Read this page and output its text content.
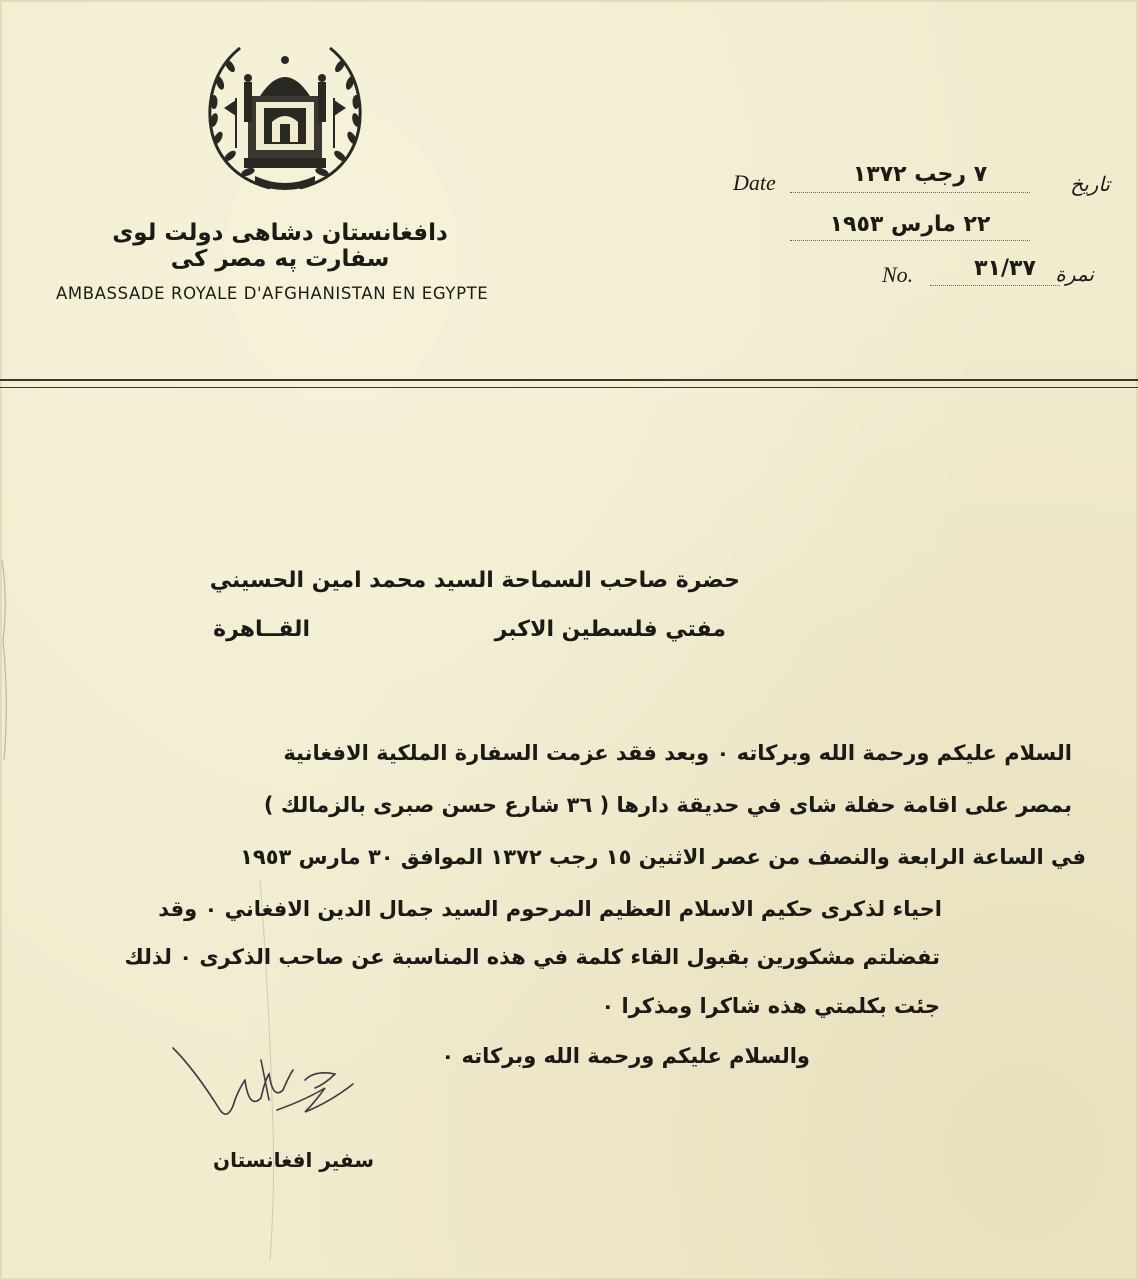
دافغانستان دشاهی دولت لوی سفارت په مصر کی
AMBASSADE ROYALE D'AFGHANISTAN EN EGYPTE
Date	٧ رجب ١٣٧٢	تاريخ
٢٢ مارس ١٩٥٣
No.	٣١/٣٧ نمرة
حضرة صاحب السماحة السيد محمد امين الحسيني
مفتي فلسطين الاكبر
القــاهرة
السلام عليكم ورحمة الله وبركاته ٠ وبعد فقد عزمت السفارة الملكية الافغانية
بمصر على اقامة حفلة شاى في حديقة دارها ( ٣٦ شارع حسن صبرى بالزمالك )
في الساعة الرابعة والنصف من عصر الاثنين ١٥ رجب ١٣٧٢ الموافق ٣٠ مارس ١٩٥٣
احياء لذكرى حكيم الاسلام العظيم المرحوم السيد جمال الدين الافغاني ٠ وقد
تفضلتم مشكورين بقبول القاء كلمة في هذه المناسبة عن صاحب الذكرى ٠ لذلك
جئت بكلمتي هذه شاكرا ومذكرا ٠
والسلام عليكم ورحمة الله وبركاته ٠
سفير افغانستان
